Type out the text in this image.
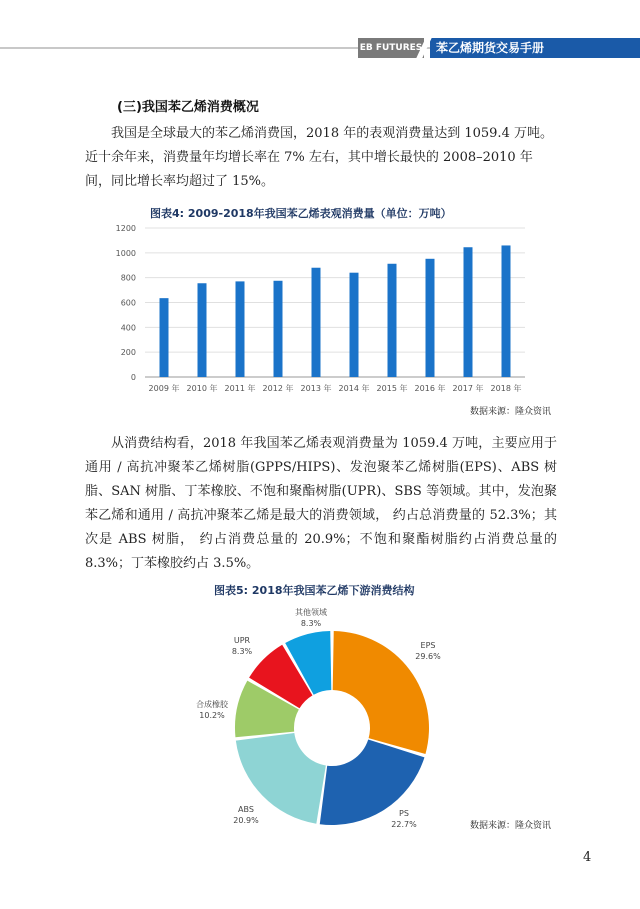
EB FUTURES 苯乙烯期货交易手册
(三)我国苯乙烯消费概况
我国是全球最大的苯乙烯消费国，2018 年的表观消费量达到 1059.4 万吨。近十余年来，消费量年均增长率在 7% 左右，其中增长最快的 2008–2010 年间，同比增长率均超过了 15%。
图表4: 2009-2018年我国苯乙烯表观消费量（单位：万吨）
0
200
400
600
800
1000
1200
2009 年 2010 年 2011 年 2012 年 2013 年 2014 年 2015 年 2016 年 2017 年 2018 年
数据来源：隆众资讯
从消费结构看，2018 年我国苯乙烯表观消费量为 1059.4 万吨，主要应用于通用 / 高抗冲聚苯乙烯树脂(GPPS/HIPS)、发泡聚苯乙烯树脂(EPS)、ABS 树脂、SAN 树脂、丁苯橡胶、不饱和聚酯树脂(UPR)、SBS 等领域。其中，发泡聚苯乙烯和通用 / 高抗冲聚苯乙烯是最大的消费领域， 约占总消费量的 52.3%；其次是 ABS 树脂， 约占消费总量的 20.9%；不饱和聚酯树脂约占消费总量的 8.3%；丁苯橡胶约占 3.5%。
图表5: 2018年我国苯乙烯下游消费结构
EPS
29.6%
PS
22.7%
ABS
20.9%
合成橡胶
10.2%
UPR
8.3%
其他领域
8.3%
数据来源：隆众资讯
4
